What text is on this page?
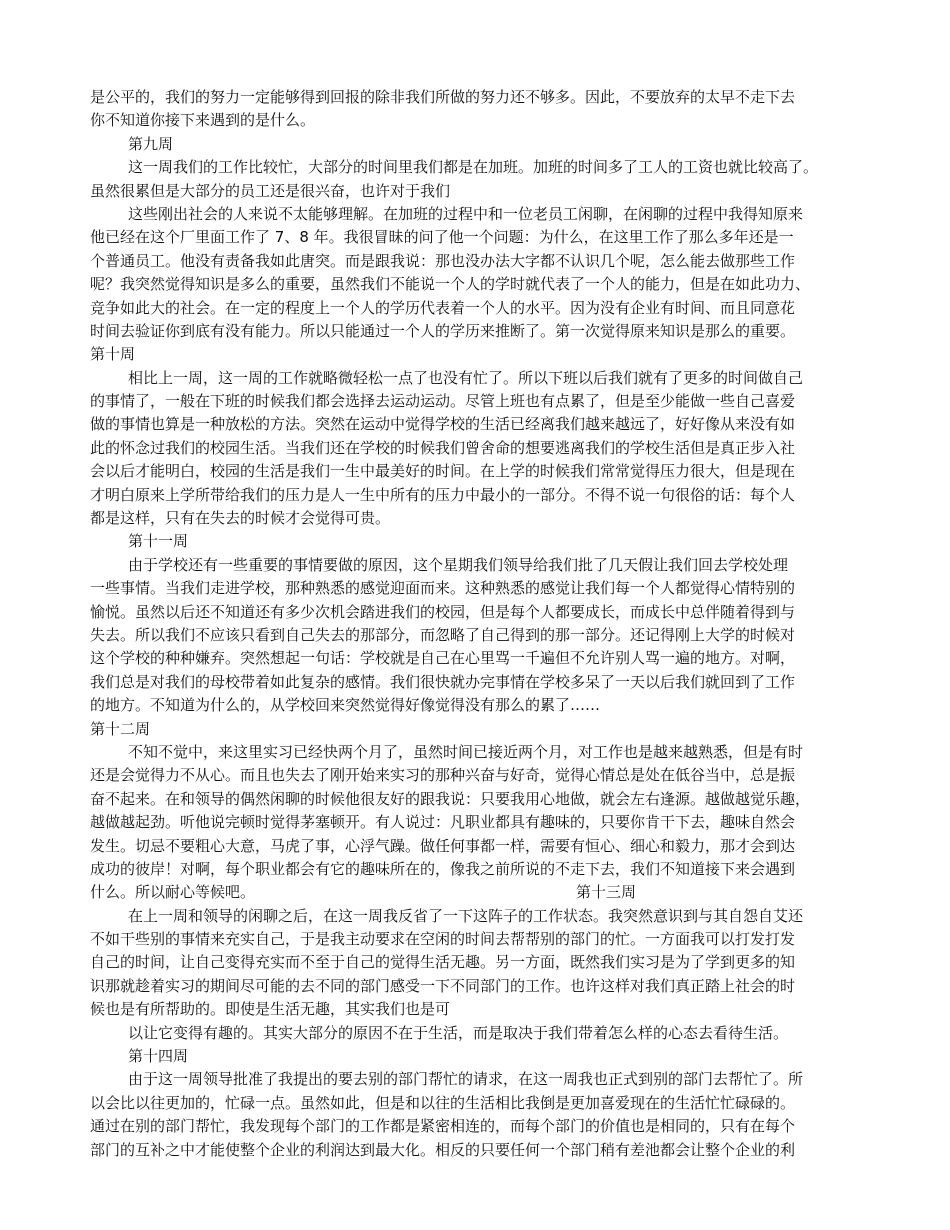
是公平的，我们的努力一定能够得到回报的除非我们所做的努力还不够多。因此，不要放弃的太早不走下去
你不知道你接下来遇到的是什么。
第九周
这一周我们的工作比较忙，大部分的时间里我们都是在加班。加班的时间多了工人的工资也就比较高了。
虽然很累但是大部分的员工还是很兴奋，也许对于我们
这些刚出社会的人来说不太能够理解。在加班的过程中和一位老员工闲聊，在闲聊的过程中我得知原来
他已经在这个厂里面工作了 7、8 年。我很冒昧的问了他一个问题：为什么，在这里工作了那么多年还是一
个普通员工。他没有责备我如此唐突。而是跟我说：那也没办法大字都不认识几个呢，怎么能去做那些工作
呢？我突然觉得知识是多么的重要，虽然我们不能说一个人的学时就代表了一个人的能力，但是在如此功力、
竞争如此大的社会。在一定的程度上一个人的学历代表着一个人的水平。因为没有企业有时间、而且同意花
时间去验证你到底有没有能力。所以只能通过一个人的学历来推断了。第一次觉得原来知识是那么的重要。
第十周
相比上一周，这一周的工作就略微轻松一点了也没有忙了。所以下班以后我们就有了更多的时间做自己
的事情了，一般在下班的时候我们都会选择去运动运动。尽管上班也有点累了，但是至少能做一些自己喜爱
做的事情也算是一种放松的方法。突然在运动中觉得学校的生活已经离我们越来越远了，好好像从来没有如
此的怀念过我们的校园生活。当我们还在学校的时候我们曾舍命的想要逃离我们的学校生活但是真正步入社
会以后才能明白，校园的生活是我们一生中最美好的时间。在上学的时候我们常常觉得压力很大，但是现在
才明白原来上学所带给我们的压力是人一生中所有的压力中最小的一部分。不得不说一句很俗的话：每个人
都是这样，只有在失去的时候才会觉得可贵。
第十一周
由于学校还有一些重要的事情要做的原因，这个星期我们领导给我们批了几天假让我们回去学校处理
一些事情。当我们走进学校，那种熟悉的感觉迎面而来。这种熟悉的感觉让我们每一个人都觉得心情特别的
愉悦。虽然以后还不知道还有多少次机会踏进我们的校园，但是每个人都要成长，而成长中总伴随着得到与
失去。所以我们不应该只看到自己失去的那部分，而忽略了自己得到的那一部分。还记得刚上大学的时候对
这个学校的种种嫌弃。突然想起一句话：学校就是自己在心里骂一千遍但不允许别人骂一遍的地方。对啊，
我们总是对我们的母校带着如此复杂的感情。我们很快就办完事情在学校多呆了一天以后我们就回到了工作
的地方。不知道为什么的，从学校回来突然觉得好像觉得没有那么的累了……
第十二周
不知不觉中，来这里实习已经快两个月了，虽然时间已接近两个月，对工作也是越来越熟悉，但是有时
还是会觉得力不从心。而且也失去了刚开始来实习的那种兴奋与好奇，觉得心情总是处在低谷当中，总是振
奋不起来。在和领导的偶然闲聊的时候他很友好的跟我说：只要我用心地做，就会左右逢源。越做越觉乐趣，
越做越起劲。听他说完顿时觉得茅塞顿开。有人说过：凡职业都具有趣味的，只要你肯干下去，趣味自然会
发生。切忌不要粗心大意，马虎了事，心浮气躁。做任何事都一样，需要有恒心、细心和毅力，那才会到达
成功的彼岸！对啊，每个职业都会有它的趣味所在的，像我之前所说的不走下去，我们不知道接下来会遇到
什么。所以耐心等候吧。	第十三周
在上一周和领导的闲聊之后，在这一周我反省了一下这阵子的工作状态。我突然意识到与其自怨自艾还
不如干些别的事情来充实自己，于是我主动要求在空闲的时间去帮帮别的部门的忙。一方面我可以打发打发
自己的时间，让自己变得充实而不至于自己的觉得生活无趣。另一方面，既然我们实习是为了学到更多的知
识那就趁着实习的期间尽可能的去不同的部门感受一下不同部门的工作。也许这样对我们真正踏上社会的时
候也是有所帮助的。即使是生活无趣，其实我们也是可
以让它变得有趣的。其实大部分的原因不在于生活，而是取决于我们带着怎么样的心态去看待生活。
第十四周
由于这一周领导批准了我提出的要去别的部门帮忙的请求，在这一周我也正式到别的部门去帮忙了。所
以会比以往更加的，忙碌一点。虽然如此，但是和以往的生活相比我倒是更加喜爱现在的生活忙忙碌碌的。
通过在别的部门帮忙，我发现每个部门的工作都是紧密相连的，而每个部门的价值也是相同的，只有在每个
部门的互补之中才能使整个企业的利润达到最大化。相反的只要任何一个部门稍有差池都会让整个企业的利
